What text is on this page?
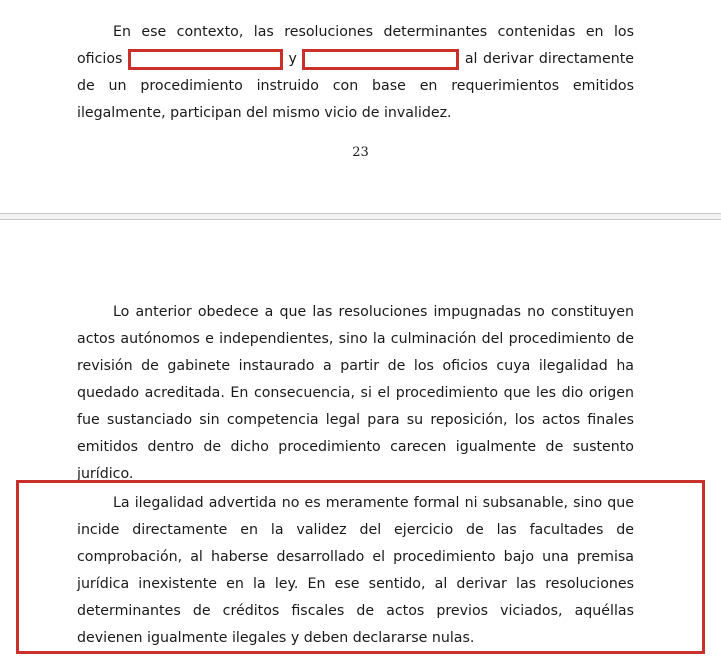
En ese contexto, las resoluciones determinantes contenidas en los oficios	y	al derivar directamente de un procedimiento instruido con base en requerimientos emitidos ilegalmente, participan del mismo vicio de invalidez.

23

Lo anterior obedece a que las resoluciones impugnadas no constituyen actos autónomos e independientes, sino la culminación del procedimiento de revisión de gabinete instaurado a partir de los oficios cuya ilegalidad ha quedado acreditada. En consecuencia, si el procedimiento que les dio origen fue sustanciado sin competencia legal para su reposición, los actos finales emitidos dentro de dicho procedimiento carecen igualmente de sustento jurídico.

La ilegalidad advertida no es meramente formal ni subsanable, sino que incide directamente en la validez del ejercicio de las facultades de comprobación, al haberse desarrollado el procedimiento bajo una premisa jurídica inexistente en la ley. En ese sentido, al derivar las resoluciones determinantes de créditos fiscales de actos previos viciados, aquéllas devienen igualmente ilegales y deben declararse nulas.
